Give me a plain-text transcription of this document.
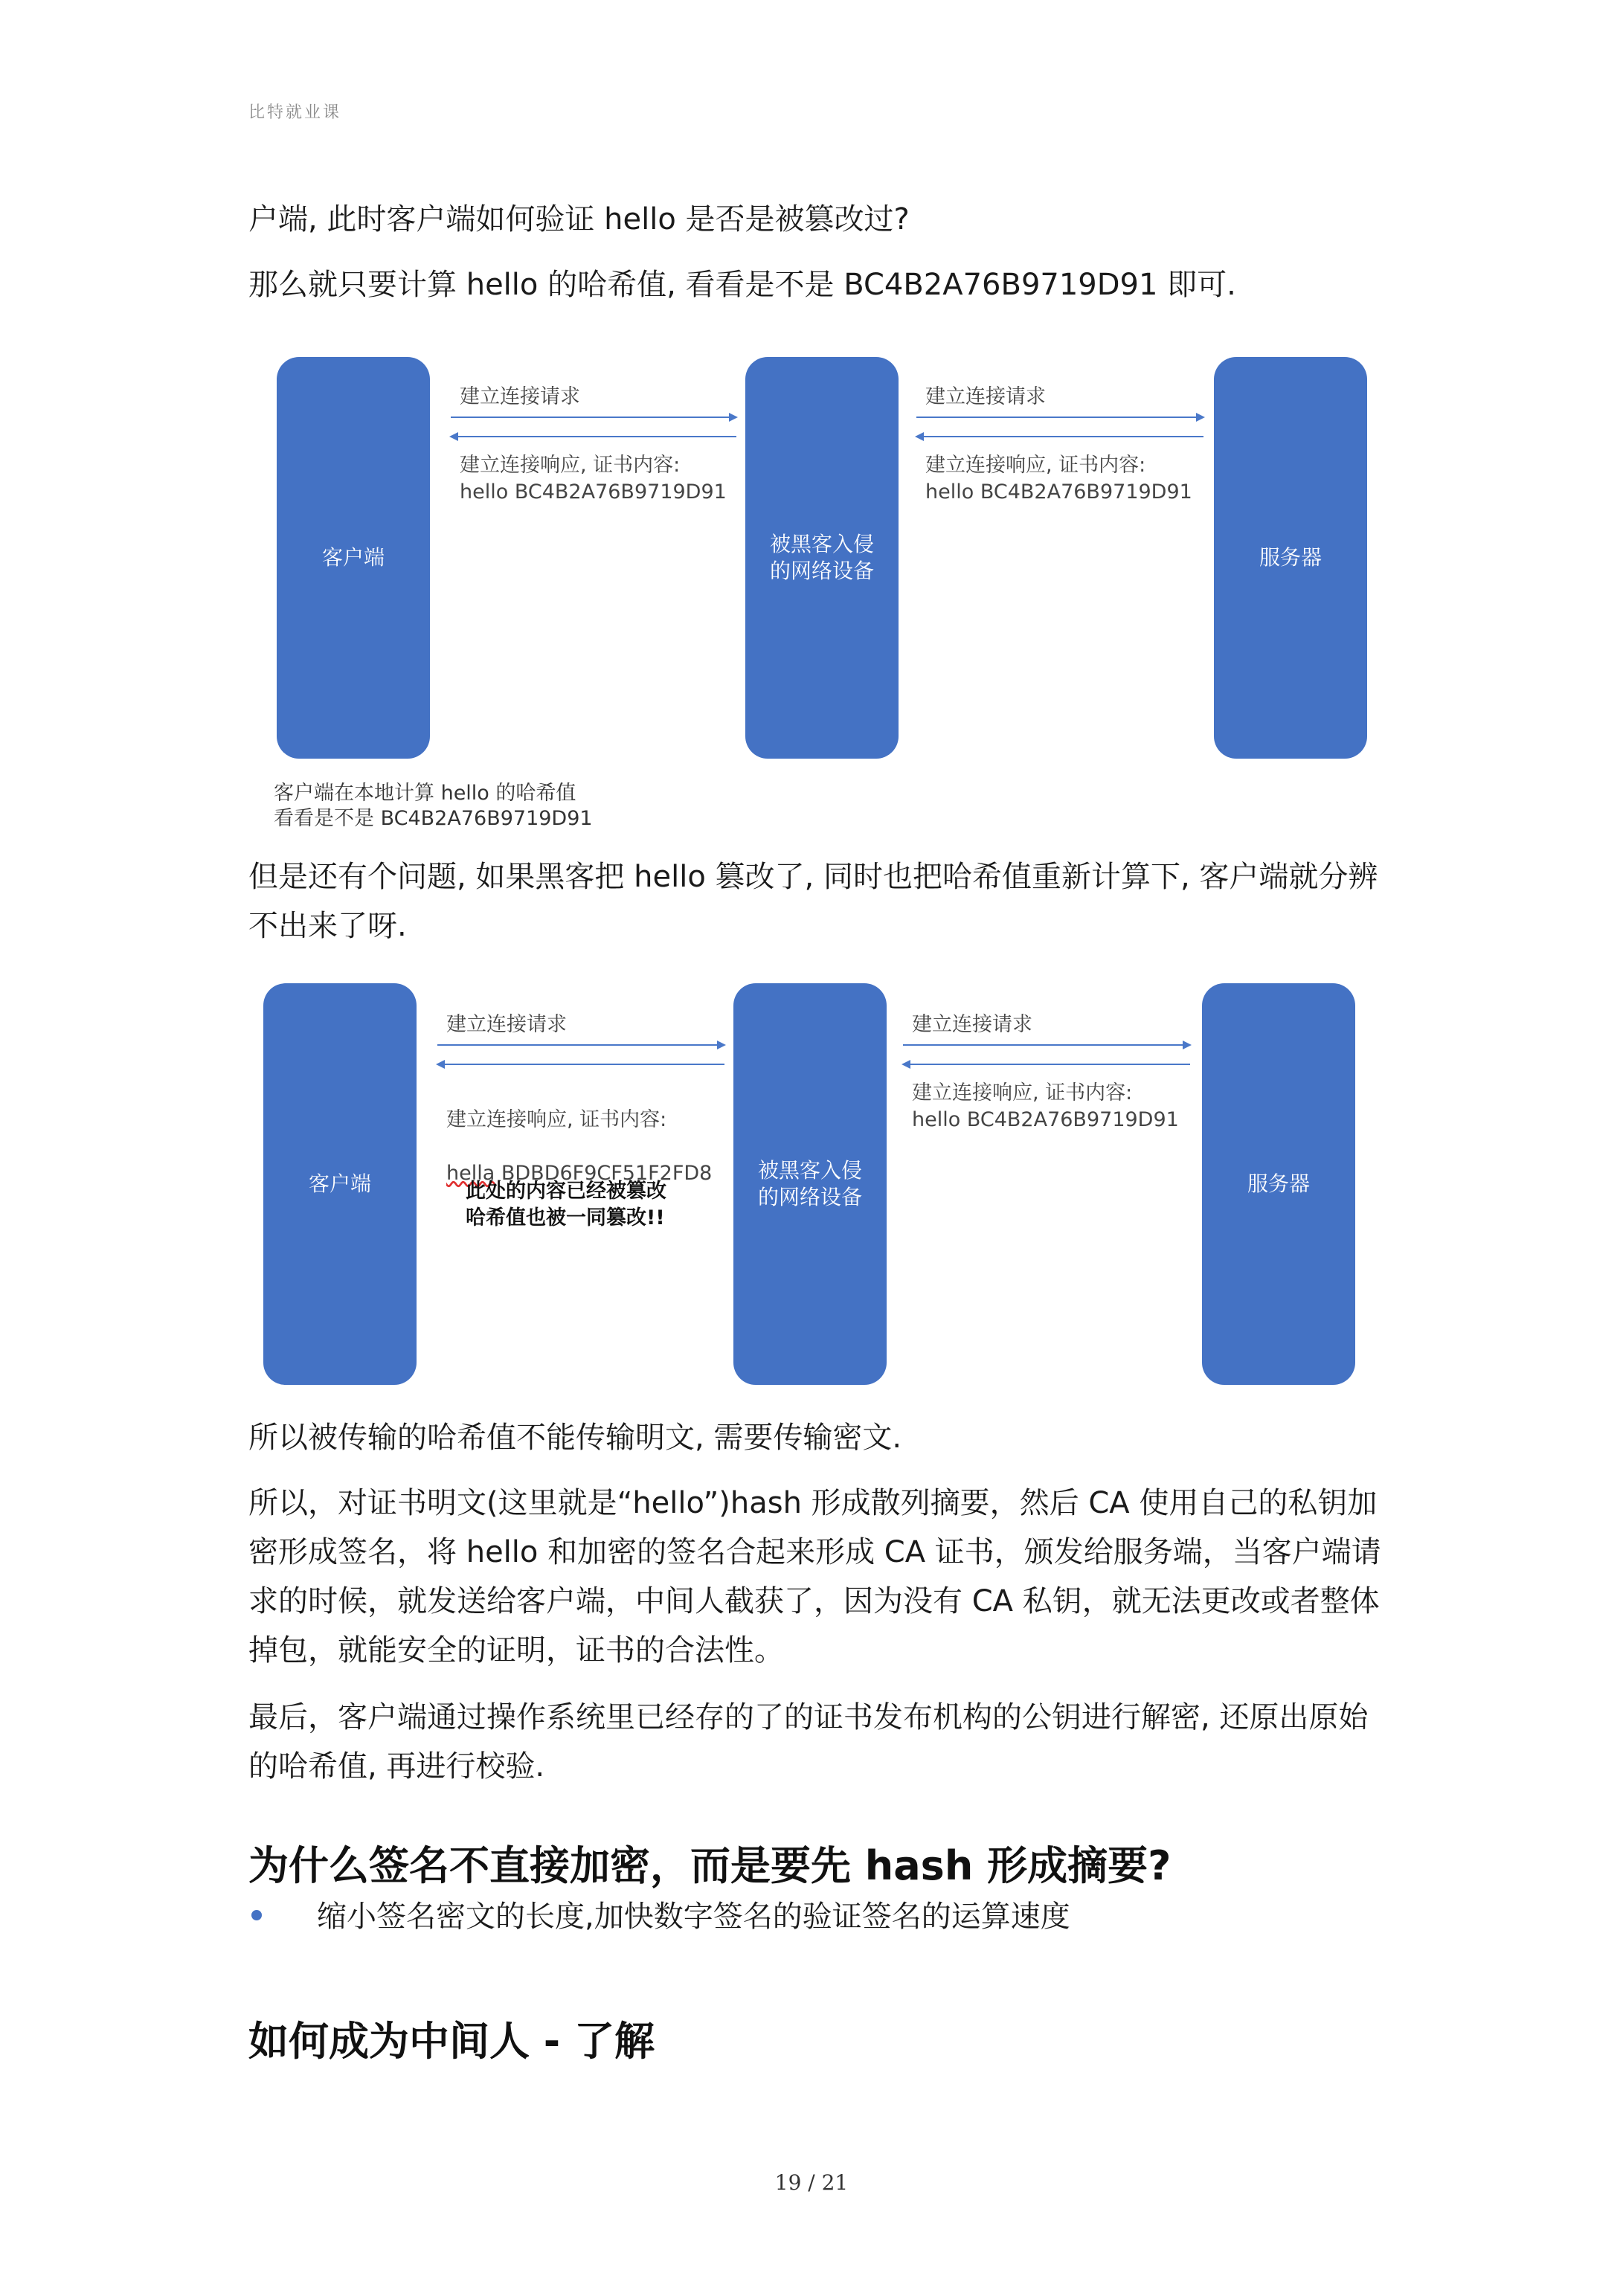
比特就业课
户端, 此时客户端如何验证 hello 是否是被篡改过?
那么就只要计算 hello 的哈希值, 看看是不是 BC4B2A76B9719D91 即可.
客户端
被黑客入侵
的网络设备
服务器
建立连接请求
建立连接响应, 证书内容:
hello BC4B2A76B9719D91
建立连接请求
建立连接响应, 证书内容:
hello BC4B2A76B9719D91
客户端在本地计算 hello 的哈希值
看看是不是 BC4B2A76B9719D91
但是还有个问题, 如果黑客把 hello 篡改了, 同时也把哈希值重新计算下, 客户端就分辨不出来了呀.
客户端
被黑客入侵
的网络设备
服务器
建立连接请求

建立连接响应, 证书内容:

hella BDBD6F9CF51F2FD8

建立连接请求
建立连接响应, 证书内容:
hello BC4B2A76B9719D91
此处的内容已经被篡改
哈希值也被一同篡改!!
所以被传输的哈希值不能传输明文, 需要传输密文.
所以，对证书明文(这里就是“hello”)hash 形成散列摘要，然后 CA 使用自己的私钥加密形成签名，将 hello 和加密的签名合起来形成 CA 证书，颁发给服务端，当客户端请求的时候，就发送给客户端，中间人截获了，因为没有 CA 私钥，就无法更改或者整体掉包，就能安全的证明，证书的合法性。
最后，客户端通过操作系统里已经存的了的证书发布机构的公钥进行解密, 还原出原始的哈希值, 再进行校验.
为什么签名不直接加密，而是要先 hash 形成摘要?
缩小签名密文的长度,加快数字签名的验证签名的运算速度
如何成为中间人 - 了解
19 / 21
